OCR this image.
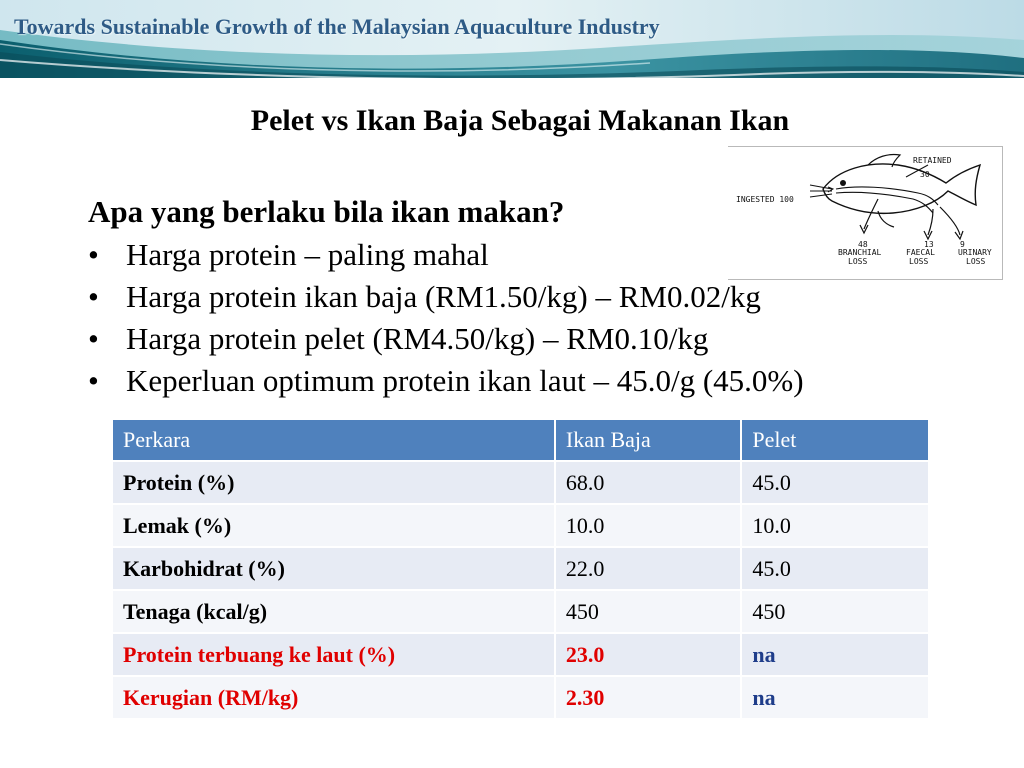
Towards Sustainable Growth of the Malaysian Aquaculture Industry
Pelet vs Ikan Baja Sebagai Makanan Ikan
RETAINED
30
INGESTED 100
48
BRANCHIAL
LOSS
13
FAECAL
LOSS
9
URINARY
LOSS
Apa yang berlaku bila ikan makan?
• Harga protein – paling mahal
• Harga protein ikan baja (RM1.50/kg) – RM0.02/kg
• Harga protein pelet (RM4.50/kg) – RM0.10/kg
• Keperluan optimum protein ikan laut – 45.0/g (45.0%)
Perkara	Ikan Baja	Pelet
Protein (%)	68.0	45.0
Lemak (%)	10.0	10.0
Karbohidrat (%)	22.0	45.0
Tenaga (kcal/g)	450	450
Protein terbuang ke laut (%)	23.0	na
Kerugian (RM/kg)	2.30	na
